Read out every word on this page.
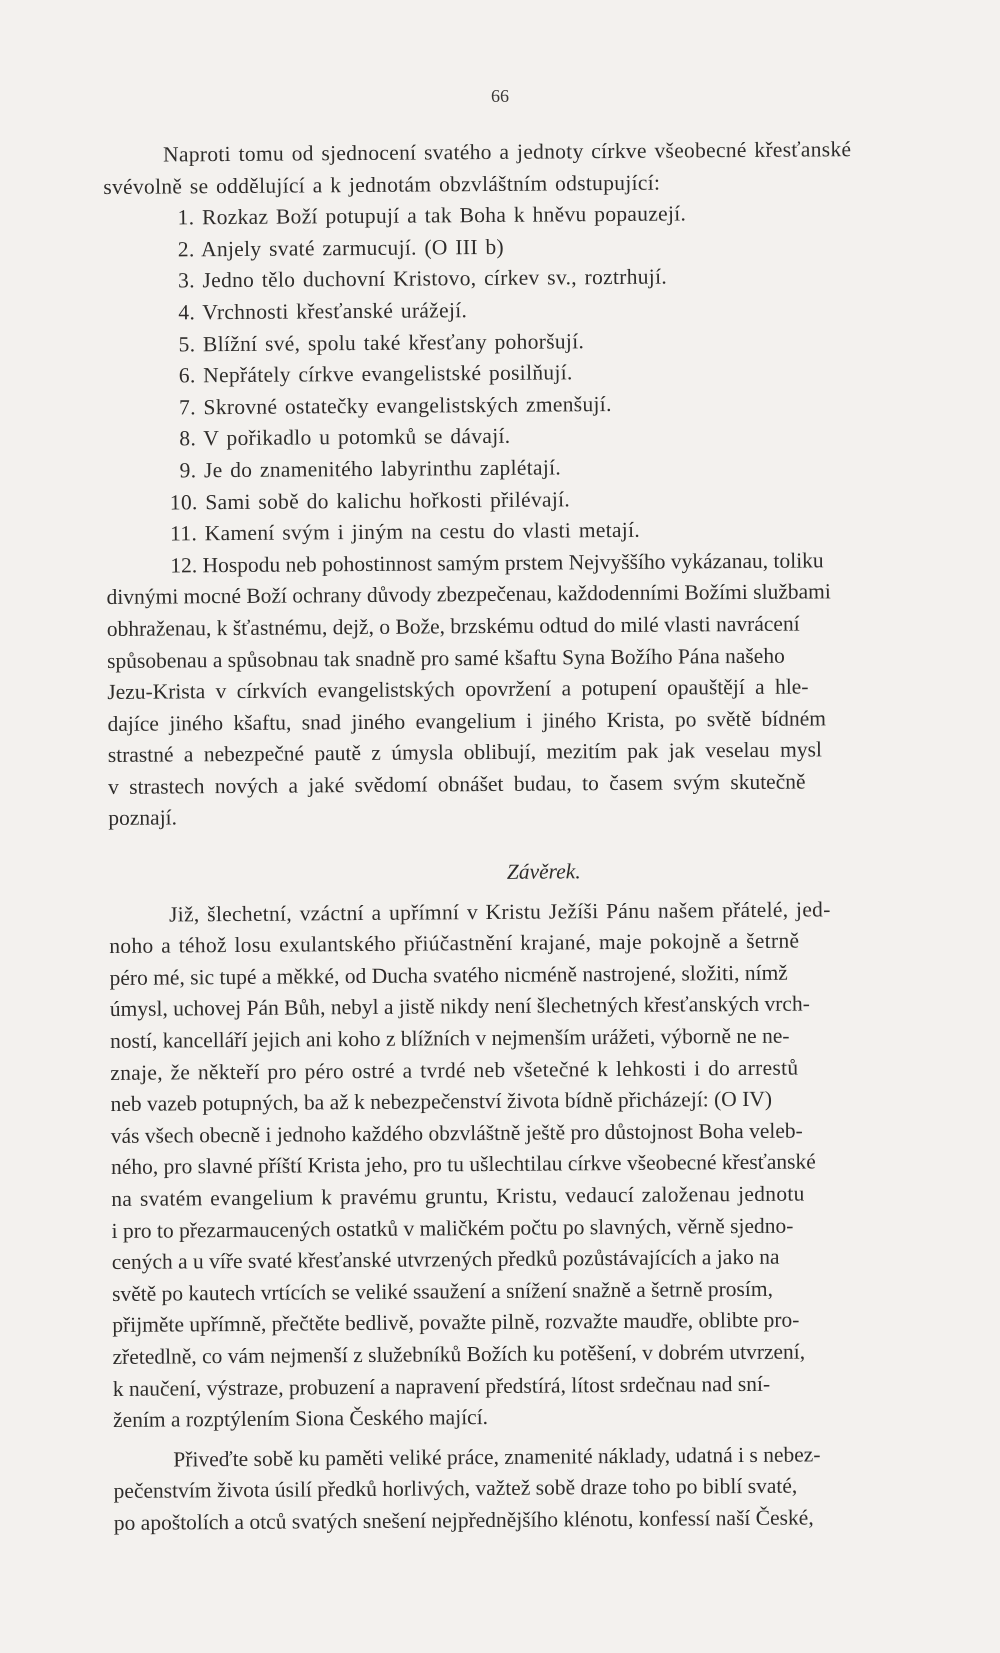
66
Naproti tomu od sjednocení svatého a jednoty církve všeobecné křesťanské
svévolně se oddělující a k jednotám obzvláštním odstupující:
1. Rozkaz Boží potupují a tak Boha k hněvu popauzejí.
2. Anjely svaté zarmucují. (O III b)
3. Jedno tělo duchovní Kristovo, církev sv., roztrhují.
4. Vrchnosti křesťanské urážejí.
5. Blížní své, spolu také křesťany pohoršují.
6. Nepřátely církve evangelistské posilňují.
7. Skrovné ostatečky evangelistských zmenšují.
8. V pořikadlo u potomků se dávají.
9. Je do znamenitého labyrinthu zaplétají.
10. Sami sobě do kalichu hořkosti přilévají.
11. Kamení svým i jiným na cestu do vlasti metají.
12. Hospodu neb pohostinnost samým prstem Nejvyššího vykázanau, toliku
divnými mocné Boží ochrany důvody zbezpečenau, každodenními Božími službami
obhraženau, k šťastnému, dejž, o Bože, brzskému odtud do milé vlasti navrácení
spůsobenau a spůsobnau tak snadně pro samé kšaftu Syna Božího Pána našeho
Jezu-Krista v církvích evangelistských opovržení a potupení opauštějí a hle-
dajíce jiného kšaftu, snad jiného evangelium i jiného Krista, po světě bídném
strastné a nebezpečné pautě z úmysla oblibují, mezitím pak jak veselau mysl
v strastech nových a jaké svědomí obnášet budau, to časem svým skutečně
poznají.
Závěrek.
Již, šlechetní, vzáctní a upřímní v Kristu Ježíši Pánu našem přátelé, jed-
noho a téhož losu exulantského přiúčastnění krajané, maje pokojně a šetrně
péro mé, sic tupé a měkké, od Ducha svatého nicméně nastrojené, složiti, nímž
úmysl, uchovej Pán Bůh, nebyl a jistě nikdy není šlechetných křesťanských vrch-
ností, kancelláří jejich ani koho z blížních v nejmenším urážeti, výborně ne ne-
znaje, že někteří pro péro ostré a tvrdé neb všetečné k lehkosti i do arrestů
neb vazeb potupných, ba až k nebezpečenství života bídně přicházejí: (O IV)
vás všech obecně i jednoho každého obzvláštně ještě pro důstojnost Boha veleb-
ného, pro slavné příští Krista jeho, pro tu ušlechtilau církve všeobecné křesťanské
na svatém evangelium k pravému gruntu, Kristu, vedaucí založenau jednotu
i pro to přezarmaucených ostatků v maličkém počtu po slavných, věrně sjedno-
cených a u víře svaté křesťanské utvrzených předků pozůstávajících a jako na
světě po kautech vrtících se veliké ssaužení a snížení snažně a šetrně prosím,
přijměte upřímně, přečtěte bedlivě, považte pilně, rozvažte maudře, oblibte pro-
zřetedlně, co vám nejmenší z služebníků Božích ku potěšení, v dobrém utvrzení,
k naučení, výstraze, probuzení a napravení předstírá, lítost srdečnau nad sní-
žením a rozptýlením Siona Českého mající.
Přiveďte sobě ku paměti veliké práce, znamenité náklady, udatná i s nebez-
pečenstvím života úsilí předků horlivých, važtež sobě draze toho po biblí svaté,
po apoštolích a otců svatých snešení nejpřednějšího klénotu, konfessí naší České,
